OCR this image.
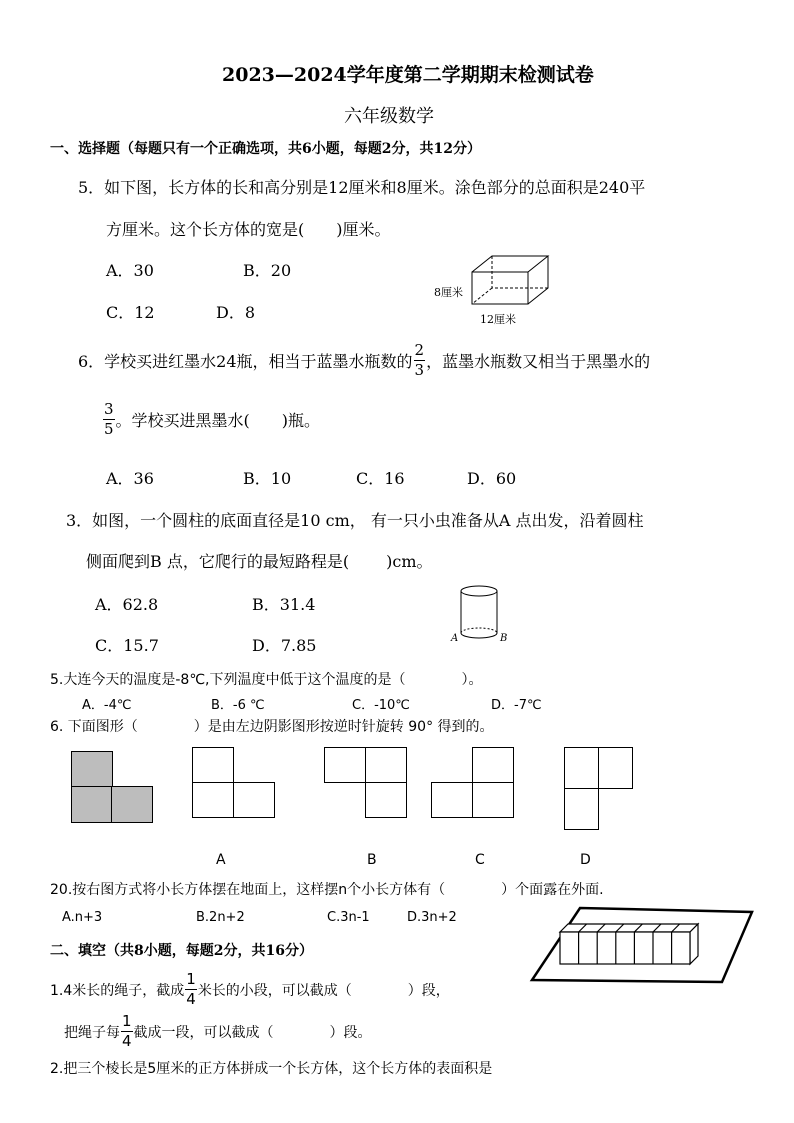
2023—2024学年度第二学期期末检测试卷
六年级数学
一、选择题（每题只有一个正确选项，共6小题，每题2分，共12分）
5．如下图，长方体的长和高分别是12厘米和8厘米。涂色部分的总面积是240平
方厘米。这个长方体的宽是(　　)厘米。
A．30	B．20
C．12	D．8
8厘米
12厘米
6．学校买进红墨水24瓶，相当于蓝墨水瓶数的 $\frac{2}{3}$ ，蓝墨水瓶数又相当于黑墨水的
$\frac{3}{5}$ 。学校买进黑墨水(　　)瓶。
A．36	B．10	C．16	D．60
3．如图，一个圆柱的底面直径是10 cm， 有一只小虫准备从A 点出发，沿着圆柱
侧面爬到B 点，它爬行的最短路程是(　　 )cm。
A．62.8	B．31.4
C．15.7	D．7.85	A	B
5.大连今天的温度是-8℃,下列温度中低于这个温度的是（　　　　）。
A．-4℃	B．-6 ℃	C．-10℃	D．-7℃
6. 下面图形（　　　　）是由左边阴影图形按逆时针旋转 90° 得到的。
A	B	C	D
20.按右图方式将小长方体摆在地面上，这样摆n个小长方体有（　　　　）个面露在外面.
A.n+3	B.2n+2	C.3n-1	D.3n+2
二、填空（共8小题，每题2分，共16分）
1.4米长的绳子，截成 $\frac{1}{4}$ 米长的小段，可以截成（　　　　）段，
把绳子每 $\frac{1}{4}$ 截成一段，可以截成（　　　　）段。
2.把三个棱长是5厘米的正方体拼成一个长方体，这个长方体的表面积是
